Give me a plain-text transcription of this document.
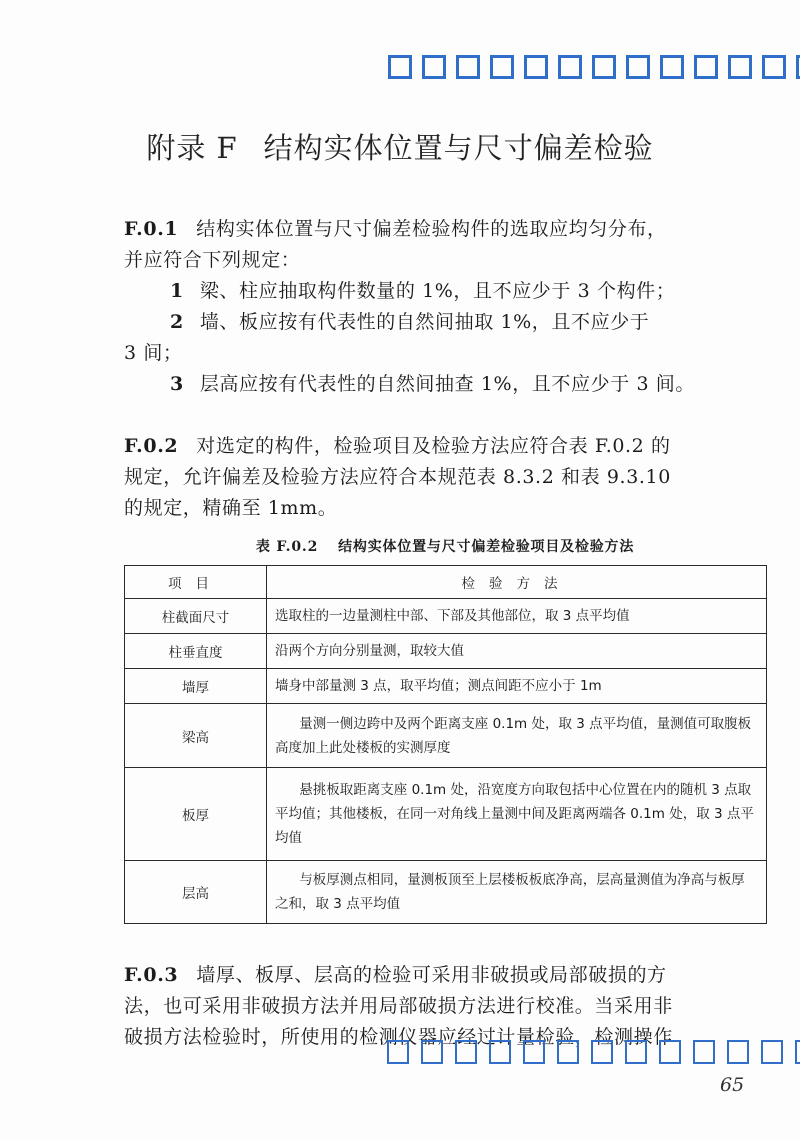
附录 F 结构实体位置与尺寸偏差检验
F.0.1 结构实体位置与尺寸偏差检验构件的选取应均匀分布，
并应符合下列规定：
1 梁、柱应抽取构件数量的 1%，且不应少于 3 个构件；
2 墙、板应按有代表性的自然间抽取 1%，且不应少于
3 间；
3 层高应按有代表性的自然间抽查 1%，且不应少于 3 间。
F.0.2 对选定的构件，检验项目及检验方法应符合表 F.0.2 的
规定，允许偏差及检验方法应符合本规范表 8.3.2 和表 9.3.10
的规定，精确至 1mm。
表 F.0.2 结构实体位置与尺寸偏差检验项目及检验方法
项目	检验方法
柱截面尺寸	选取柱的一边量测柱中部、下部及其他部位，取 3 点平均值
柱垂直度	沿两个方向分别量测，取较大值
墙厚	墙身中部量测 3 点，取平均值；测点间距不应小于 1m
梁高	量测一侧边跨中及两个距离支座 0.1m 处，取 3 点平均值，量测值可取腹板高度加上此处楼板的实测厚度
板厚	悬挑板取距离支座 0.1m 处，沿宽度方向取包括中心位置在内的随机 3 点取平均值；其他楼板，在同一对角线上量测中间及距离两端各 0.1m 处，取 3 点平均值
层高	与板厚测点相同，量测板顶至上层楼板板底净高，层高量测值为净高与板厚之和，取 3 点平均值
F.0.3 墙厚、板厚、层高的检验可采用非破损或局部破损的方
法，也可采用非破损方法并用局部破损方法进行校准。当采用非
破损方法检验时，所使用的检测仪器应经过计量检验，检测操作
65
